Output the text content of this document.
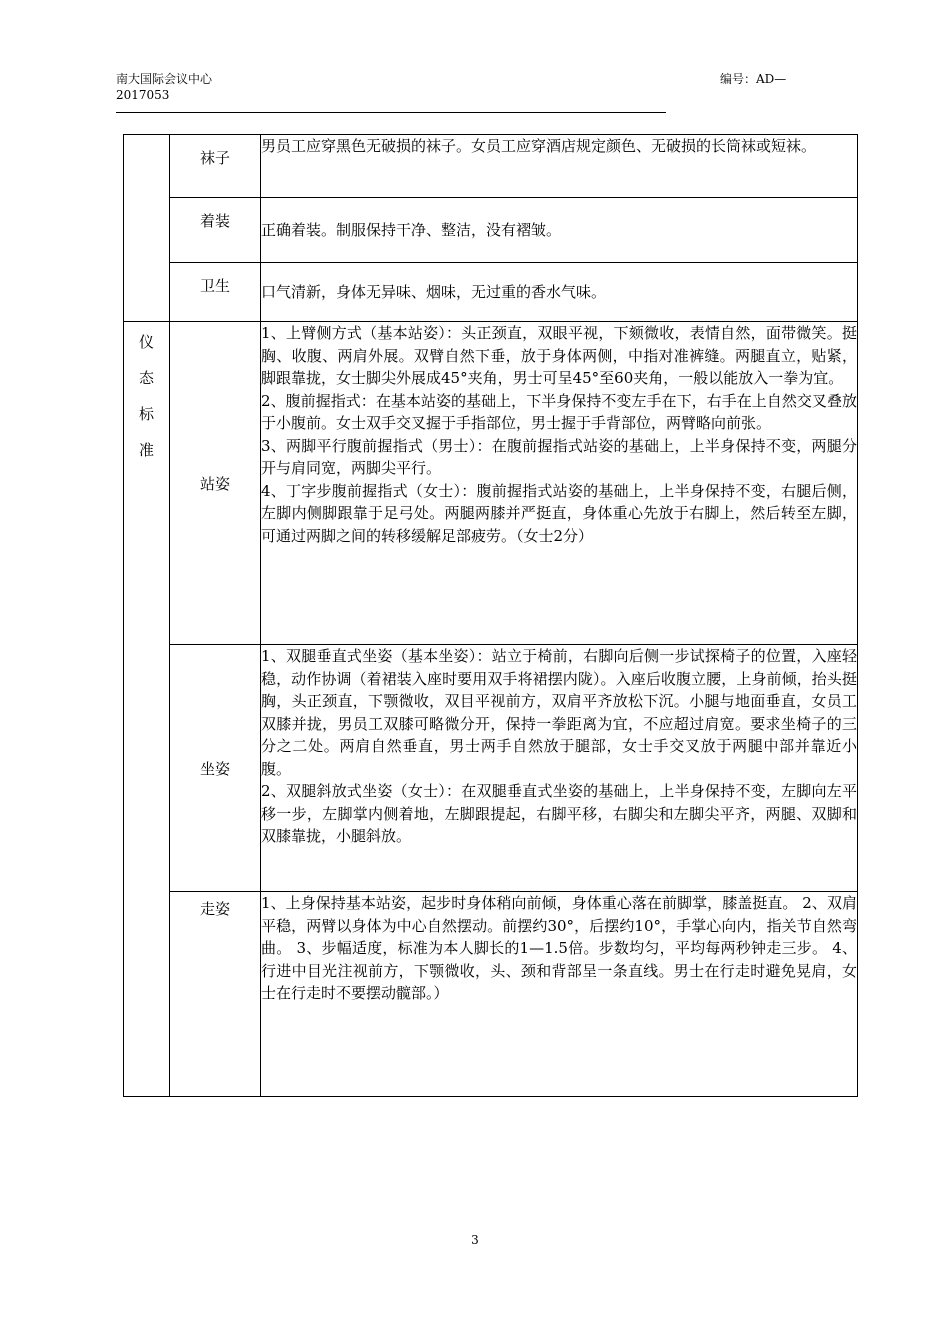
南大国际会议中心
2017053
编号：AD—
	袜子	男员工应穿黑色无破损的袜子。女员工应穿酒店规定颜色、无破损的长筒袜或短袜。

	着装	正确着装。制服保持干净、整洁，没有褶皱。

	卫生	口气清新，身体无异味、烟味，无过重的香水气味。

仪态标准	站姿	1、上臂侧方式（基本站姿）：头正颈直，双眼平视，下颏微收，表情自然，面带微笑。挺胸、收腹、两肩外展。双臂自然下垂，放于身体两侧，中指对准裤缝。两腿直立，贴紧，脚跟靠拢，女士脚尖外展成45°夹角，男士可呈45°至60夹角，一般以能放入一拳为宜。

2、腹前握指式：在基本站姿的基础上，下半身保持不变左手在下，右手在上自然交叉叠放于小腹前。女士双手交叉握于手指部位，男士握于手背部位，两臂略向前张。

3、两脚平行腹前握指式（男士）：在腹前握指式站姿的基础上，上半身保持不变，两腿分开与肩同宽，两脚尖平行。

4、丁字步腹前握指式（女士）：腹前握指式站姿的基础上，上半身保持不变，右腿后侧，左脚内侧脚跟靠于足弓处。两腿两膝并严挺直，身体重心先放于右脚上，然后转至左脚，可通过两脚之间的转移缓解足部疲劳。（女士2分）

	坐姿	1、双腿垂直式坐姿（基本坐姿）：站立于椅前，右脚向后侧一步试探椅子的位置，入座轻稳，动作协调（着裙装入座时要用双手将裙摆内陇）。入座后收腹立腰，上身前倾，抬头挺胸，头正颈直，下颚微收，双目平视前方，双肩平齐放松下沉。小腿与地面垂直，女员工双膝并拢，男员工双膝可略微分开，保持一拳距离为宜，不应超过肩宽。要求坐椅子的三分之二处。两肩自然垂直，男士两手自然放于腿部，女士手交叉放于两腿中部并靠近小腹。

2、双腿斜放式坐姿（女士）：在双腿垂直式坐姿的基础上，上半身保持不变，左脚向左平移一步，左脚掌内侧着地，左脚跟提起，右脚平移，右脚尖和左脚尖平齐，两腿、双脚和双膝靠拢，小腿斜放。

	走姿	1、上身保持基本站姿，起步时身体稍向前倾，身体重心落在前脚掌，膝盖挺直。 2、双肩平稳，两臂以身体为中心自然摆动。前摆约30°，后摆约10°，手掌心向内，指关节自然弯曲。 3、步幅适度，标准为本人脚长的1—1.5倍。步数均匀，平均每两秒钟走三步。 4、行进中目光注视前方，下颚微收，头、颈和背部呈一条直线。男士在行走时避免晃肩，女士在行走时不要摆动髋部。）

3
